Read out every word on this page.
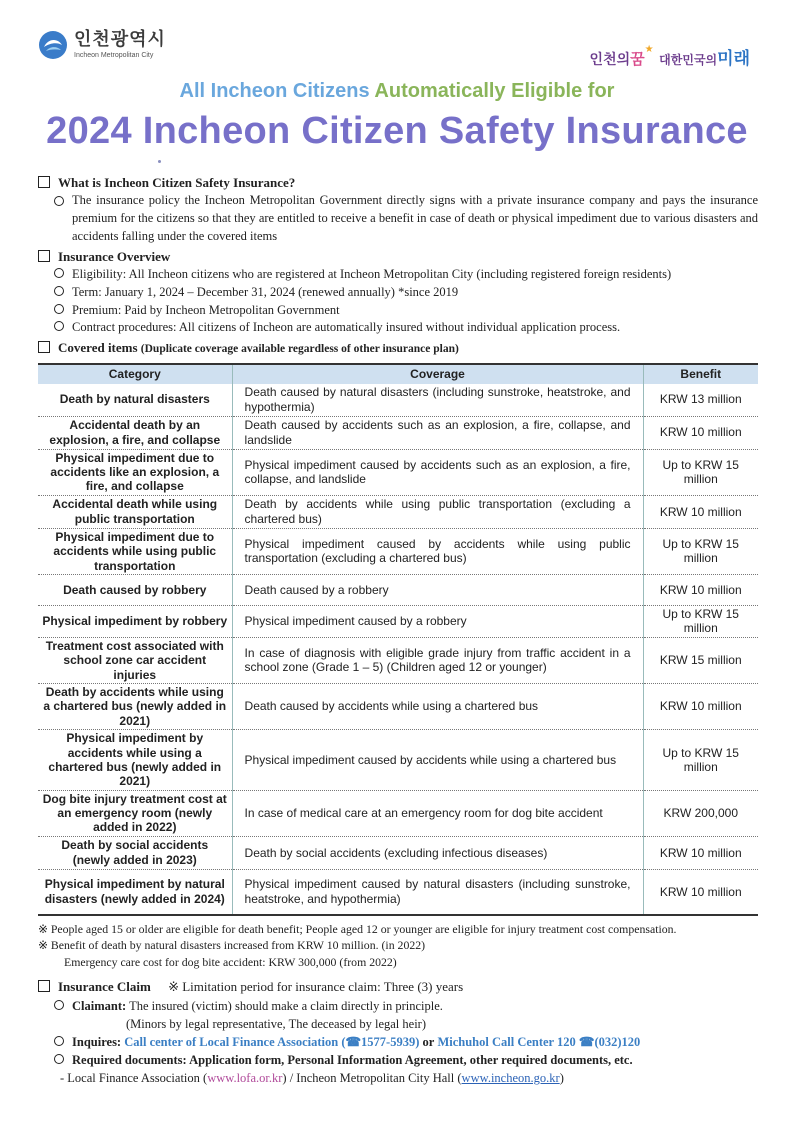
인천광역시
Incheon Metropolitan City	인천의꿈★ 대한민국의미래
All Incheon Citizens Automatically Eligible for
2024 Incheon Citizen Safety Insurance
What is Incheon Citizen Safety Insurance?
The insurance policy the Incheon Metropolitan Government directly signs with a private insurance company and pays the insurance premium for the citizens so that they are entitled to receive a benefit in case of death or physical impediment due to various disasters and accidents falling under the covered items
Insurance Overview
Eligibility: All Incheon citizens who are registered at Incheon Metropolitan City (including registered foreign residents)
Term: January 1, 2024 – December 31, 2024 (renewed annually) *since 2019
Premium: Paid by Incheon Metropolitan Government
Contract procedures: All citizens of Incheon are automatically insured without individual application process.
Covered items (Duplicate coverage available regardless of other insurance plan)
Category	Coverage	Benefit
Death by natural disasters	Death caused by natural disasters (including sunstroke, heatstroke, and hypothermia)	KRW 13 million
Accidental death by an explosion, a fire, and collapse	Death caused by accidents such as an explosion, a fire, collapse, and landslide	KRW 10 million
Physical impediment due to accidents like an explosion, a fire, and collapse	Physical impediment caused by accidents such as an explosion, a fire, collapse, and landslide	Up to KRW 15 million
Accidental death while using public transportation	Death by accidents while using public transportation (excluding a chartered bus)	KRW 10 million
Physical impediment due to accidents while using public transportation	Physical impediment caused by accidents while using public transportation (excluding a chartered bus)	Up to KRW 15 million
Death caused by robbery	Death caused by a robbery	KRW 10 million
Physical impediment by robbery	Physical impediment caused by a robbery	Up to KRW 15 million
Treatment cost associated with school zone car accident injuries	In case of diagnosis with eligible grade injury from traffic accident in a school zone (Grade 1 – 5) (Children aged 12 or younger)	KRW 15 million
Death by accidents while using a chartered bus (newly added in 2021)	Death caused by accidents while using a chartered bus	KRW 10 million
Physical impediment by accidents while using a chartered bus (newly added in 2021)	Physical impediment caused by accidents while using a chartered bus	Up to KRW 15 million
Dog bite injury treatment cost at an emergency room (newly added in 2022)	In case of medical care at an emergency room for dog bite accident	KRW 200,000
Death by social accidents (newly added in 2023)	Death by social accidents (excluding infectious diseases)	KRW 10 million
Physical impediment by natural disasters (newly added in 2024)	Physical impediment caused by natural disasters (including sunstroke, heatstroke, and hypothermia)	KRW 10 million
※ People aged 15 or older are eligible for death benefit; People aged 12 or younger are eligible for injury treatment cost compensation.
※ Benefit of death by natural disasters increased from KRW 10 million. (in 2022)
Emergency care cost for dog bite accident: KRW 300,000 (from 2022)
Insurance Claim ※ Limitation period for insurance claim: Three (3) years
Claimant: The insured (victim) should make a claim directly in principle.
(Minors by legal representative, The deceased by legal heir)
Inquires: Call center of Local Finance Association (☎1577-5939) or Michuhol Call Center 120 ☎(032)120
Required documents: Application form, Personal Information Agreement, other required documents, etc.
- Local Finance Association (www.lofa.or.kr) / Incheon Metropolitan City Hall (www.incheon.go.kr)
